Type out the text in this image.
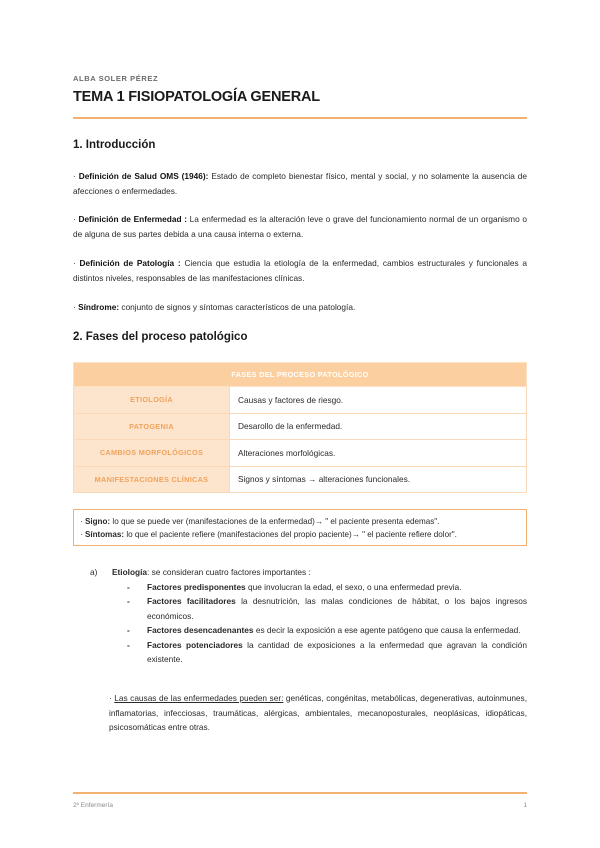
ALBA SOLER PÉREZ
TEMA 1 FISIOPATOLOGÍA GENERAL
1. Introducción

· Definición de Salud OMS (1946): Estado de completo bienestar físico, mental y social, y no solamente la ausencia de afecciones o enfermedades.

· Definición de Enfermedad : La enfermedad es la alteración leve o grave del funcionamiento normal de un organismo o de alguna de sus partes debida a una causa interna o externa.

· Definición de Patología : Ciencia que estudia la etiología de la enfermedad, cambios estructurales y funcionales a distintos niveles, responsables de las manifestaciones clínicas.

· Síndrome: conjunto de signos y síntomas característicos de una patología.

2. Fases del proceso patológico
FASES DEL PROCESO PATOLÓGICO	
ETIOLOGÍA	Causas y factores de riesgo.
PATOGENIA	Desarollo de la enfermedad.
CAMBIOS MORFOLÓGICOS	Alteraciones morfológicas.
MANIFESTACIONES CLÍNICAS	Signos y síntomas → alteraciones funcionales.
· Signo: lo que se puede ver (manifestaciones de la enfermedad)→ " el paciente presenta edemas".
· Síntomas: lo que el paciente refiere (manifestaciones del propio paciente)→ " el paciente refiere dolor".
a) Etiología: se consideran cuatro factores importantes :
- Factores predisponentes que involucran la edad, el sexo, o una enfermedad previa.
- Factores facilitadores la desnutrición, las malas condiciones de hábitat, o los bajos ingresos económicos.
- Factores desencadenantes es decir la exposición a ese agente patógeno que causa la enfermedad.
- Factores potenciadores la cantidad de exposiciones a la enfermedad que agravan la condición existente.

· Las causas de las enfermedades pueden ser: genéticas, congénitas, metabólicas, degenerativas, autoinmunes, inflamatorias, infecciosas, traumáticas, alérgicas, ambientales, mecanoposturales, neoplásicas, idiopáticas, psicosomáticas entre otras.

2º Enfermería	1
